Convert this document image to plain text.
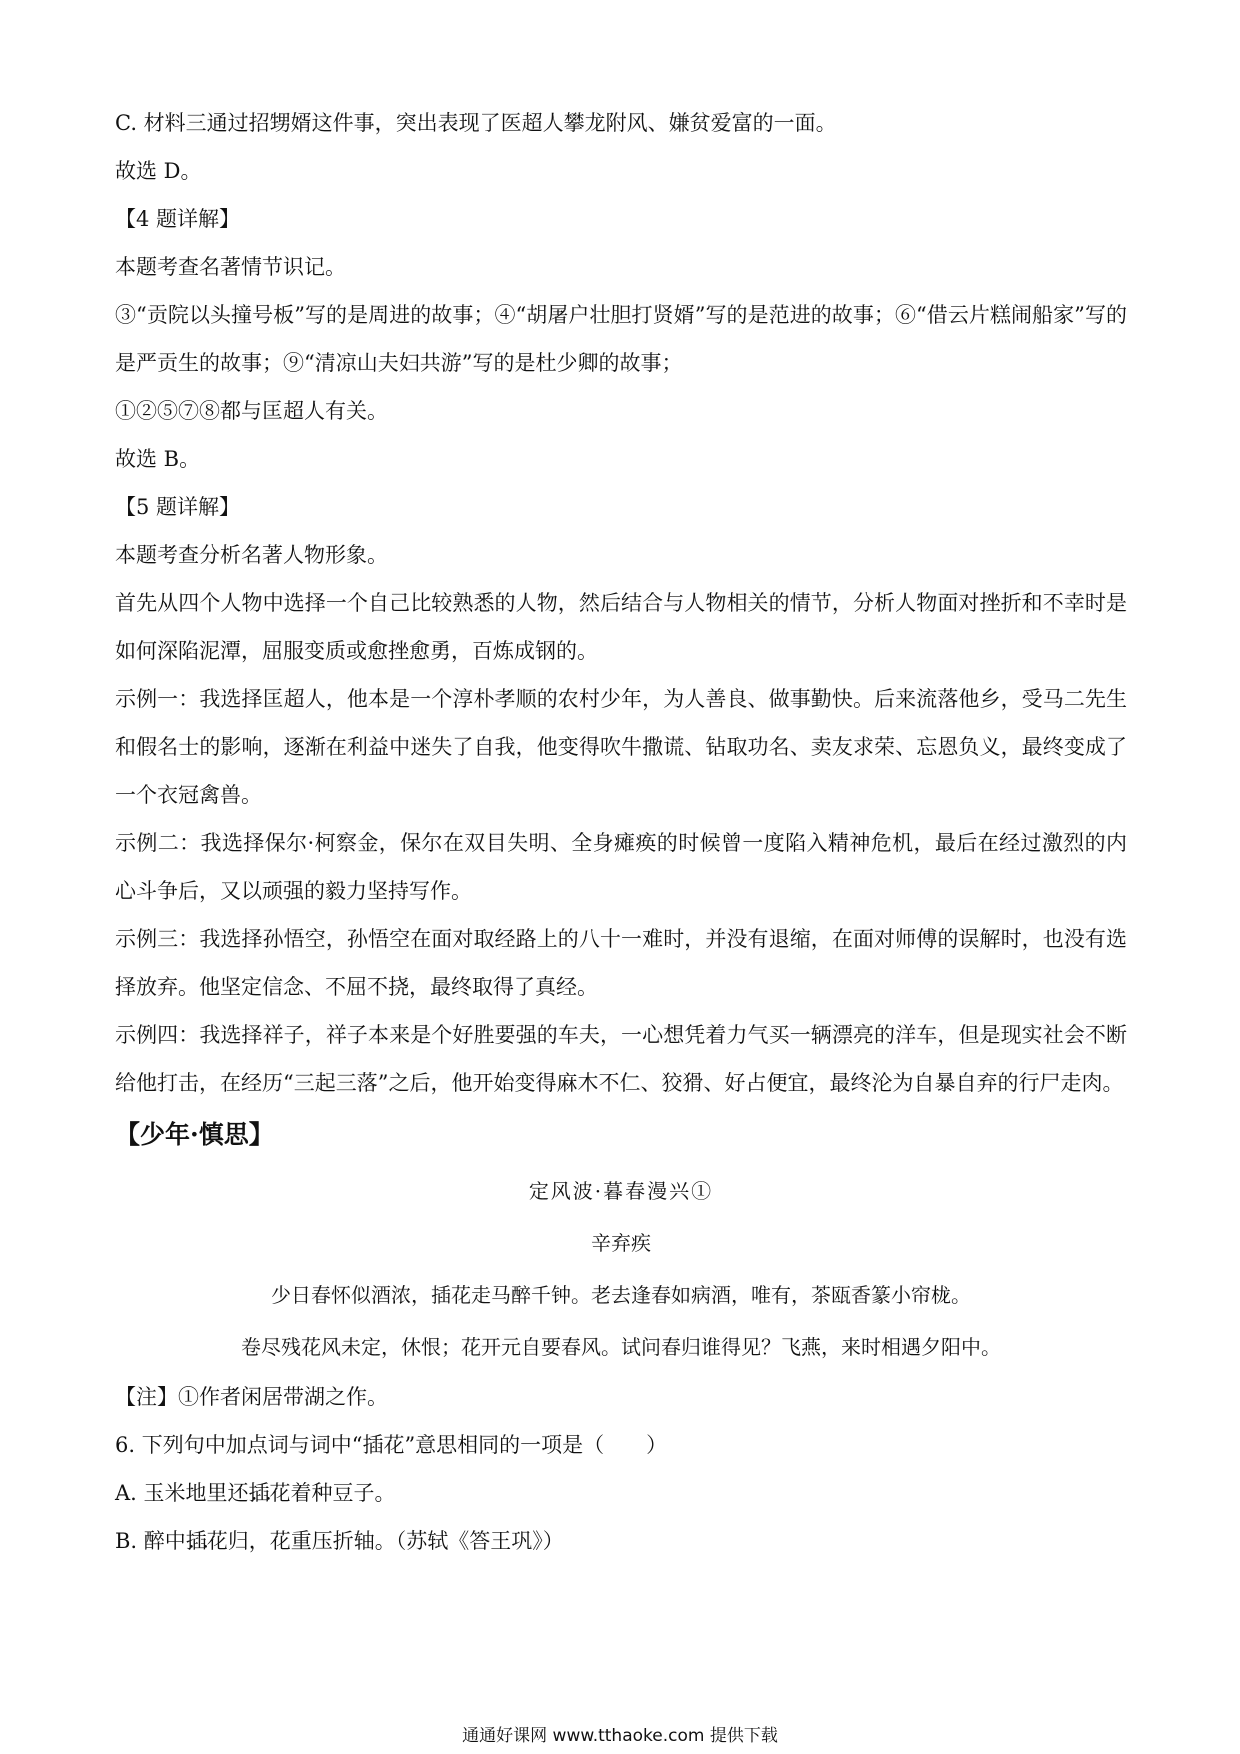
C. 材料三通过招甥婿这件事，突出表现了医超人攀龙附风、嫌贫爱富的一面。

故选 D。

【4 题详解】

本题考查名著情节识记。

③“贡院以头撞号板”写的是周进的故事；④“胡屠户壮胆打贤婿”写的是范进的故事；⑥“借云片糕闹船家”写的是严贡生的故事；⑨“清凉山夫妇共游”写的是杜少卿的故事；

①②⑤⑦⑧都与匡超人有关。

故选 B。

【5 题详解】

本题考查分析名著人物形象。

首先从四个人物中选择一个自己比较熟悉的人物，然后结合与人物相关的情节，分析人物面对挫折和不幸时是如何深陷泥潭，屈服变质或愈挫愈勇，百炼成钢的。

示例一：我选择匡超人，他本是一个淳朴孝顺的农村少年，为人善良、做事勤快。后来流落他乡，受马二先生和假名士的影响，逐渐在利益中迷失了自我，他变得吹牛撒谎、钻取功名、卖友求荣、忘恩负义，最终变成了一个衣冠禽兽。

示例二：我选择保尔·柯察金，保尔在双目失明、全身瘫痪的时候曾一度陷入精神危机，最后在经过激烈的内心斗争后，又以顽强的毅力坚持写作。

示例三：我选择孙悟空，孙悟空在面对取经路上的八十一难时，并没有退缩，在面对师傅的误解时，也没有选择放弃。他坚定信念、不屈不挠，最终取得了真经。

示例四：我选择祥子，祥子本来是个好胜要强的车夫，一心想凭着力气买一辆漂亮的洋车，但是现实社会不断给他打击，在经历“三起三落”之后，他开始变得麻木不仁、狡猾、好占便宜，最终沦为自暴自弃的行尸走肉。

【少年·慎思】

定风波·暮春漫兴①

辛弃疾

少日春怀似酒浓，插花走马醉千钟。老去逢春如病酒，唯有，茶瓯香篆小帘栊。

卷尽残花风未定，休恨；花开元自要春风。试问春归谁得见？飞燕，来时相遇夕阳中。

【注】①作者闲居带湖之作。

6. 下列句中加点词与词中“插花”意思相同的一项是（　　）

A. 玉米地里还插花 • •着种豆子。

B. 醉中插花 • •归，花重压折轴。（苏轼《答王巩》）

通通好课网 www.tthaoke.com 提供下载
